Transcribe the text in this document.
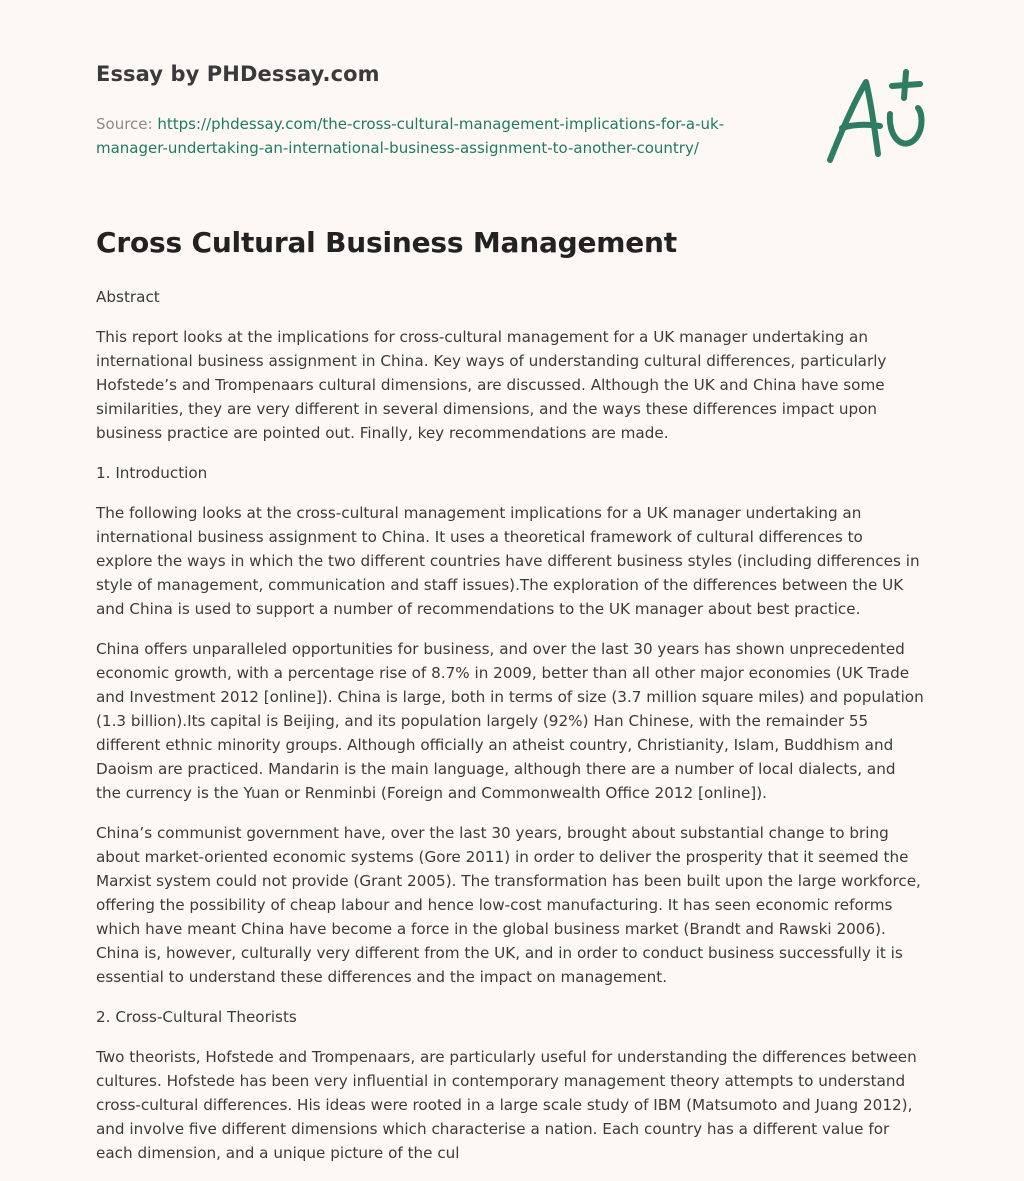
Essay by PHDessay.com

Source: https://phdessay.com/the-cross-cultural-management-implications-for-a-uk-
manager-undertaking-an-international-business-assignment-to-another-country/
Cross Cultural Business Management

Abstract

This report looks at the implications for cross-cultural management for a UK manager undertaking an international business assignment in China. Key ways of understanding cultural differences, particularly Hofstede’s and Trompenaars cultural dimensions, are discussed. Although the UK and China have some similarities, they are very different in several dimensions, and the ways these differences impact upon business practice are pointed out. Finally, key recommendations are made.

1. Introduction

The following looks at the cross-cultural management implications for a UK manager undertaking an international business assignment to China. It uses a theoretical framework of cultural differences to explore the ways in which the two different countries have different business styles (including differences in style of management, communication and staff issues).The exploration of the differences between the UK and China is used to support a number of recommendations to the UK manager about best practice.

China offers unparalleled opportunities for business, and over the last 30 years has shown unprecedented economic growth, with a percentage rise of 8.7% in 2009, better than all other major economies (UK Trade and Investment 2012 [online]). China is large, both in terms of size (3.7 million square miles) and population (1.3 billion).Its capital is Beijing, and its population largely (92%) Han Chinese, with the remainder 55 different ethnic minority groups. Although officially an atheist country, Christianity, Islam, Buddhism and Daoism are practiced. Mandarin is the main language, although there are a number of local dialects, and the currency is the Yuan or Renminbi (Foreign and Commonwealth Office 2012 [online]).

China’s communist government have, over the last 30 years, brought about substantial change to bring about market-oriented economic systems (Gore 2011) in order to deliver the prosperity that it seemed the Marxist system could not provide (Grant 2005). The transformation has been built upon the large workforce, offering the possibility of cheap labour and hence low-cost manufacturing. It has seen economic reforms which have meant China have become a force in the global business market (Brandt and Rawski 2006). China is, however, culturally very different from the UK, and in order to conduct business successfully it is essential to understand these differences and the impact on management.

2. Cross-Cultural Theorists

Two theorists, Hofstede and Trompenaars, are particularly useful for understanding the differences between cultures. Hofstede has been very influential in contemporary management theory attempts to understand cross-cultural differences. His ideas were rooted in a large scale study of IBM (Matsumoto and Juang 2012), and involve five different dimensions which characterise a nation. Each country has a different value for each dimension, and a unique picture of the cul
